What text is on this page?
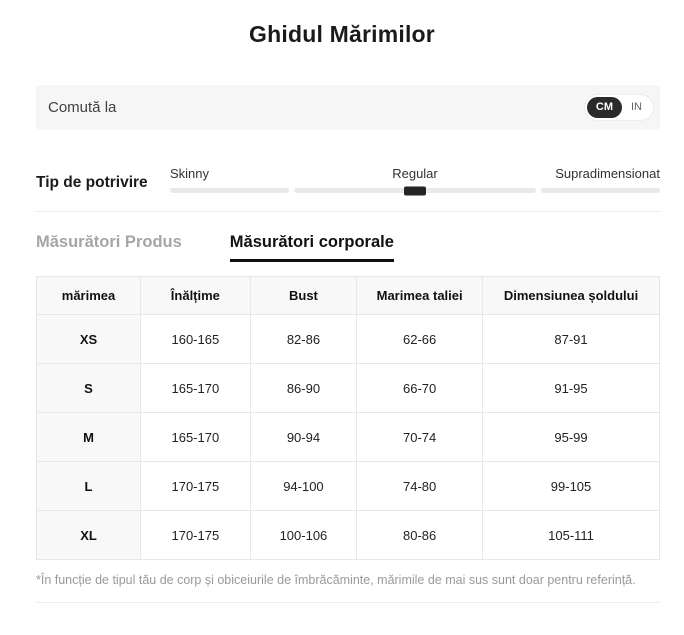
Ghidul Mărimilor
Comută la	CM	IN
Tip de potrivire
Skinny	Regular	Supradimensionat
Măsurători Produs	Măsurători corporale
mărimea	Înălțime	Bust	Marimea taliei	Dimensiunea șoldului
XS	160-165	82-86	62-66	87-91
S	165-170	86-90	66-70	91-95
M	165-170	90-94	70-74	95-99
L	170-175	94-100	74-80	99-105
XL	170-175	100-106	80-86	105-111
*În funcție de tipul tău de corp și obiceiurile de îmbrăcăminte, mărimile de mai sus sunt doar pentru referință.
